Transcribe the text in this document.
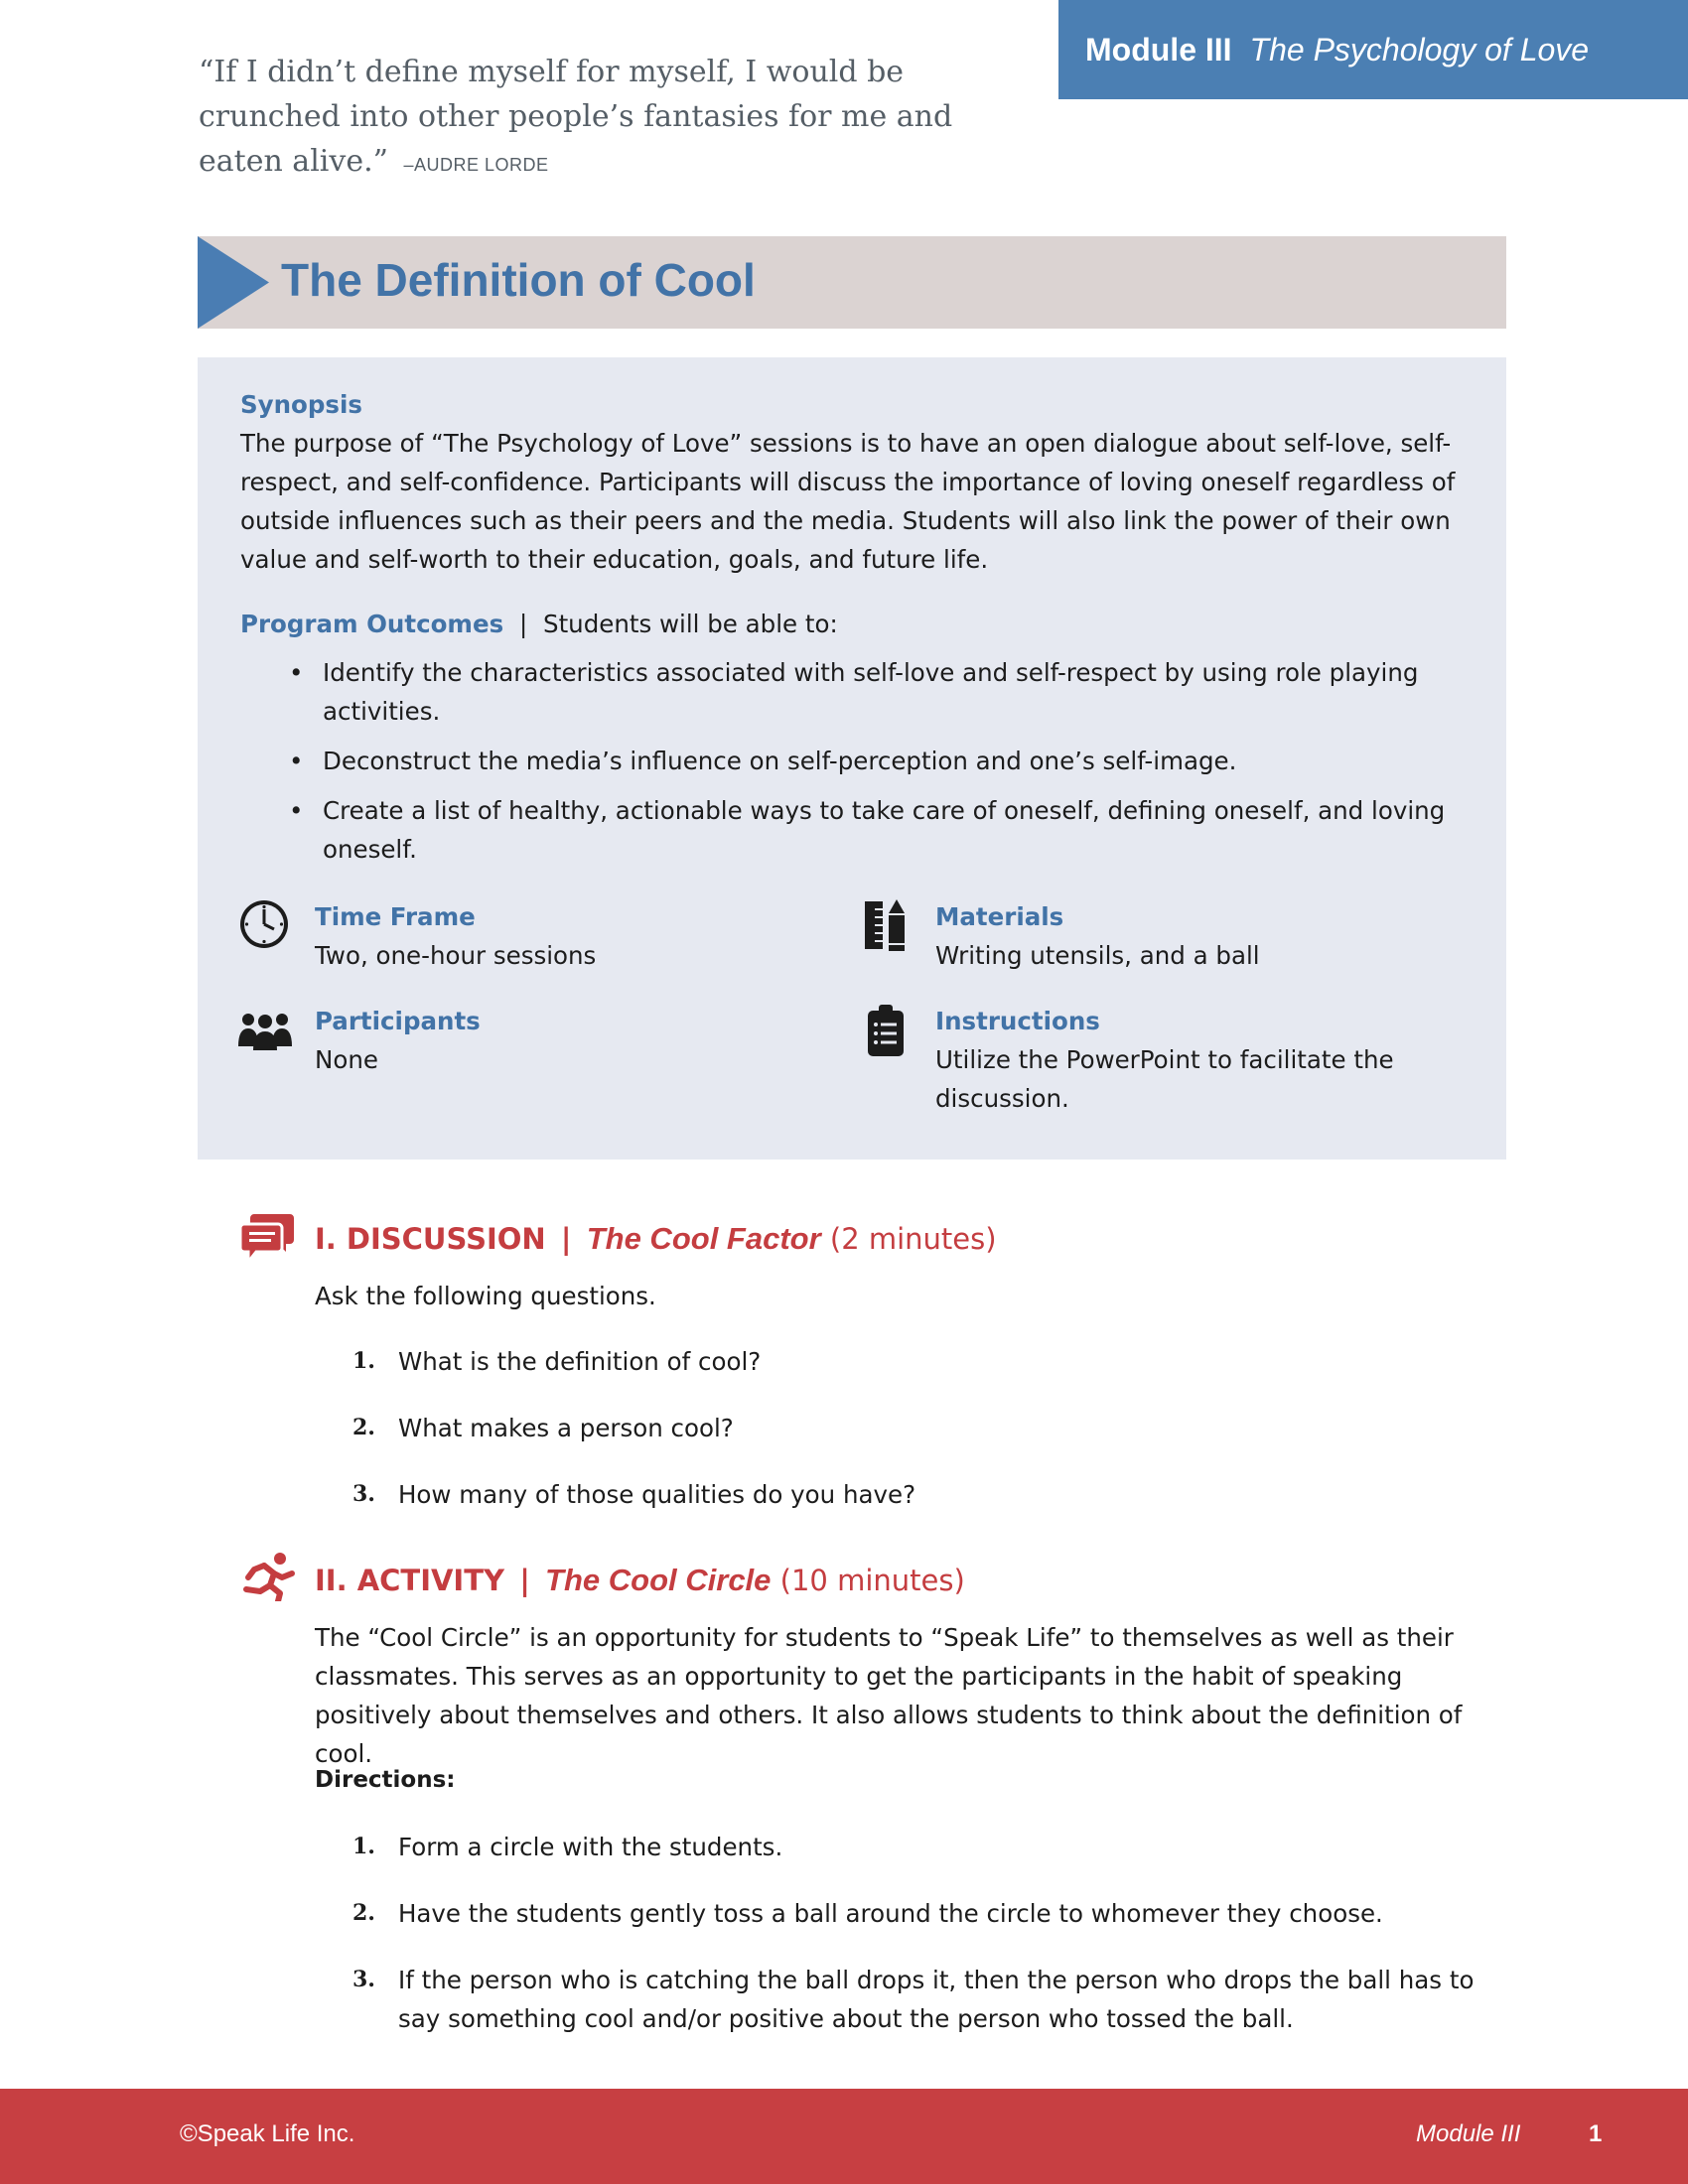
Module III The Psychology of Love
“If I didn’t define myself for myself, I would be crunched into other people’s fantasies for me and eaten alive.” –AUDRE LORDE
The Definition of Cool
Synopsis
The purpose of “The Psychology of Love” sessions is to have an open dialogue about self-love, self-respect, and self-confidence. Participants will discuss the importance of loving oneself regardless of outside influences such as their peers and the media. Students will also link the power of their own value and self-worth to their education, goals, and future life.
Program Outcomes | Students will be able to:
• Identify the characteristics associated with self-love and self-respect by using role playing activities.
• Deconstruct the media’s influence on self-perception and one’s self-image.
• Create a list of healthy, actionable ways to take care of oneself, defining oneself, and loving oneself.
Time Frame
Two, one-hour sessions
Materials
Writing utensils, and a ball
Participants
None
Instructions
Utilize the PowerPoint to facilitate the discussion.
I. DISCUSSION | The Cool Factor (2 minutes)
Ask the following questions.
1. What is the definition of cool?
2. What makes a person cool?
3. How many of those qualities do you have?
II. ACTIVITY | The Cool Circle (10 minutes)
The “Cool Circle” is an opportunity for students to “Speak Life” to themselves as well as their classmates. This serves as an opportunity to get the participants in the habit of speaking positively about themselves and others. It also allows students to think about the definition of cool.
Directions:
1. Form a circle with the students.
2. Have the students gently toss a ball around the circle to whomever they choose.
3. If the person who is catching the ball drops it, then the person who drops the ball has to say something cool and/or positive about the person who tossed the ball.
©Speak Life Inc.	Module III	1
